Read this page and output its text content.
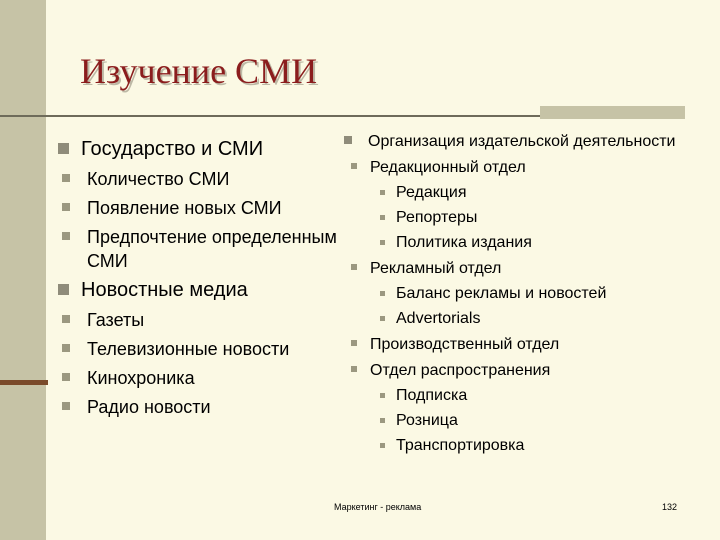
Изучение СМИ
Государство и СМИ
Количество СМИ
Появление новых СМИ
Предпочтение определенным СМИ
Новостные медиа
Газеты
Телевизионные новости
Кинохроника
Радио новости
Организация издательской деятельности
Редакционный отдел
Редакция
Репортеры
Политика издания
Рекламный отдел
Баланс рекламы и новостей
Advertorials
Производственный отдел
Отдел распространения
Подписка
Розница
Транспортировка
Маркетинг - реклама	132
